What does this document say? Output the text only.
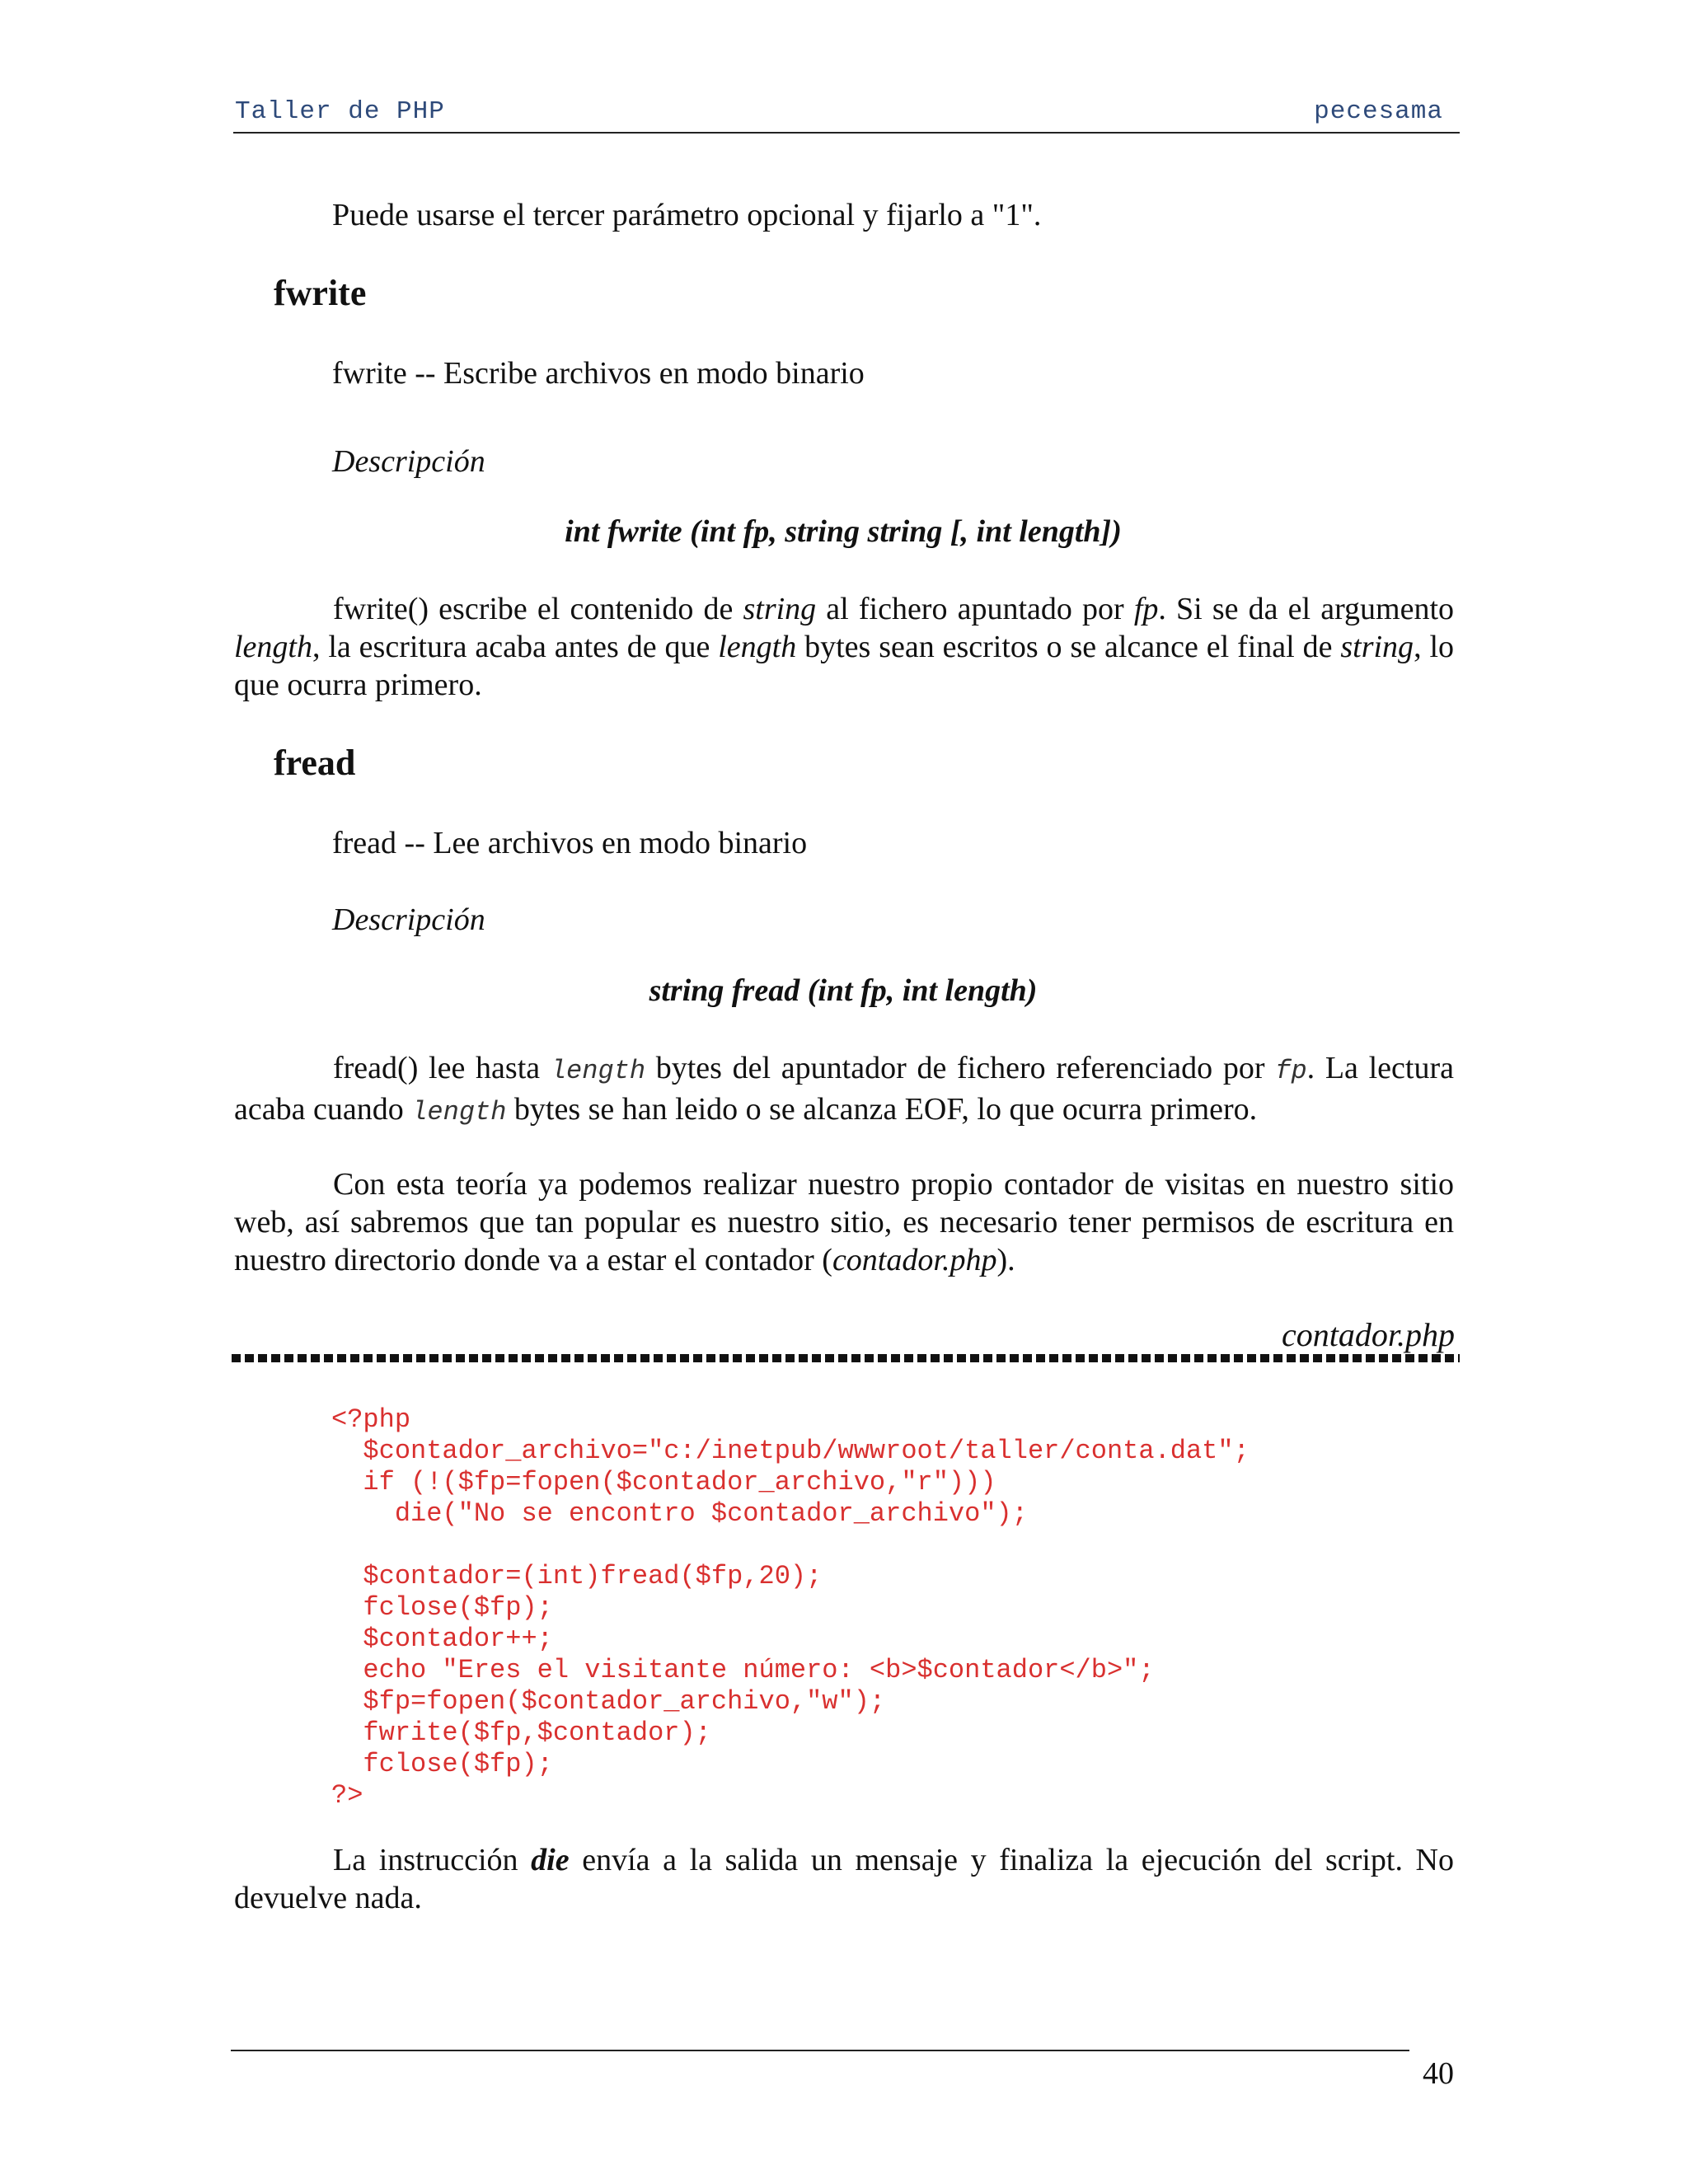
Taller de PHP	pecesama

Puede usarse el tercer parámetro opcional y fijarlo a "1".

fwrite

fwrite -- Escribe archivos en modo binario

Descripción
int fwrite (int fp, string string [, int length])

fwrite() escribe el contenido de string al fichero apuntado por fp. Si se da el argumento length, la escritura acaba antes de que length bytes sean escritos o se alcance el final de string, lo que ocurra primero.

fread

fread -- Lee archivos en modo binario

Descripción
string fread (int fp, int length)

fread() lee hasta length bytes del apuntador de fichero referenciado por fp. La lectura acaba cuando length bytes se han leido o se alcanza EOF, lo que ocurra primero.

Con esta teoría ya podemos realizar nuestro propio contador de visitas en nuestro sitio web, así sabremos que tan popular es nuestro sitio, es necesario tener permisos de escritura en nuestro directorio donde va a estar el contador (contador.php).

contador.php
<?php
$contador_archivo="c:/inetpub/wwwroot/taller/conta.dat";
if (!($fp=fopen($contador_archivo,"r")))
die("No se encontro $contador_archivo");
$contador=(int)fread($fp,20);
fclose($fp);
$contador++;
echo "Eres el visitante número: <b>$contador</b>";
$fp=fopen($contador_archivo,"w");
fwrite($fp,$contador);
fclose($fp);
?>

La instrucción die envía a la salida un mensaje y finaliza la ejecución del script. No devuelve nada.

40
